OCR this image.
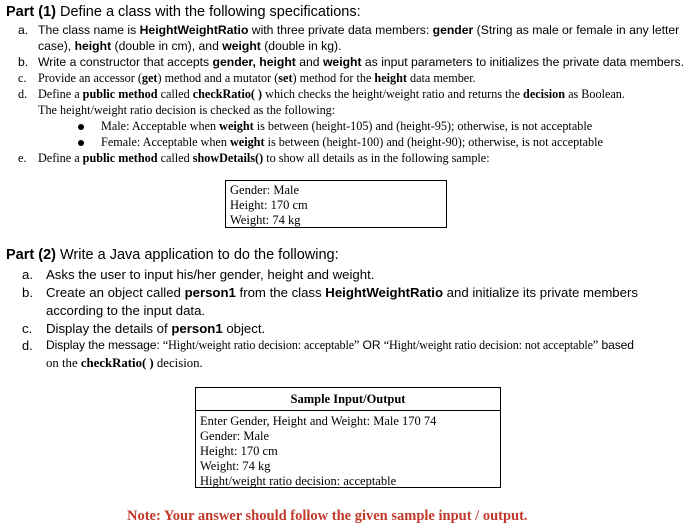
Part (1) Define a class with the following specifications:
a. The class name is HeightWeightRatio with three private data members: gender (String as male or female in any letter
case), height (double in cm), and weight (double in kg).
b. Write a constructor that accepts gender, height and weight as input parameters to initializes the private data members.
c. Provide an accessor (get) method and a mutator (set) method for the height data member.
d. Define a public method called checkRatio( ) which checks the height/weight ratio and returns the decision as Boolean.
The height/weight ratio decision is checked as the following:
Male: Acceptable when weight is between (height-105) and (height-95); otherwise, is not acceptable
Female: Acceptable when weight is between (height-100) and (height-90); otherwise, is not acceptable
e. Define a public method called showDetails() to show all details as in the following sample:
Gender: Male
Height: 170 cm
Weight: 74 kg
Part (2) Write a Java application to do the following:
a. Asks the user to input his/her gender, height and weight.
b. Create an object called person1 from the class HeightWeightRatio and initialize its private members
according to the input data.
c. Display the details of person1 object.
d. Display the message: “Hight/weight ratio decision: acceptable” OR “Hight/weight ratio decision: not acceptable” based
on the checkRatio( ) decision.
Sample Input/Output
Enter Gender, Height and Weight: Male 170 74
Gender: Male
Height: 170 cm
Weight: 74 kg
Hight/weight ratio decision: acceptable
Note: Your answer should follow the given sample input / output.
